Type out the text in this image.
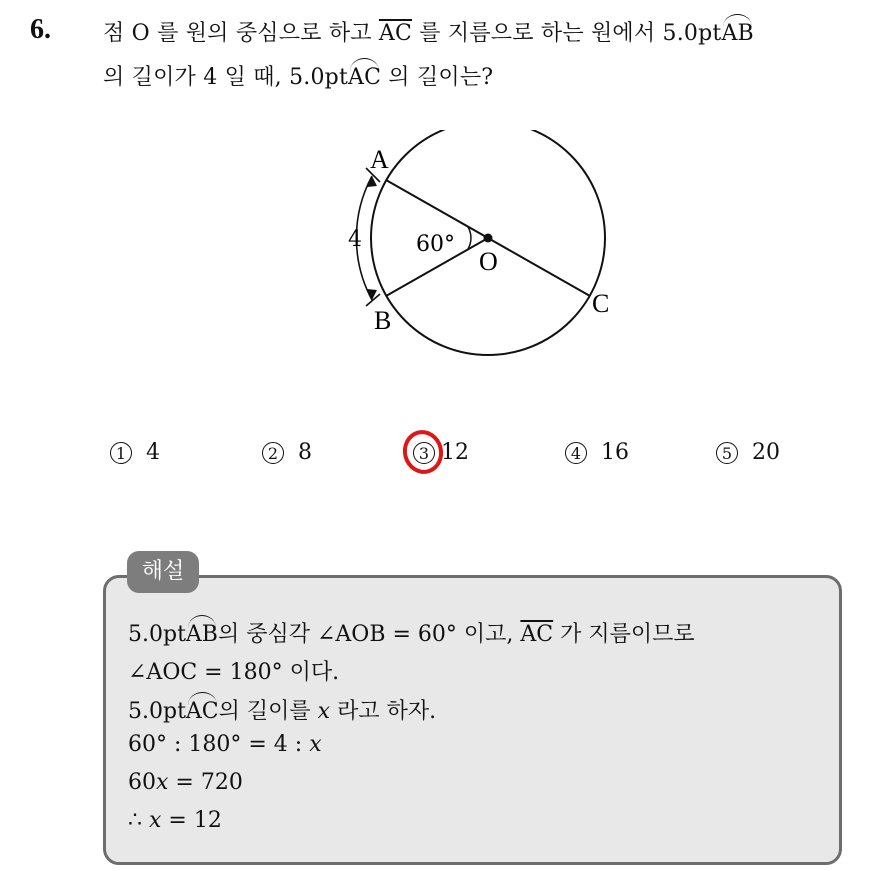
6. 점 O 를 원의 중심으로 하고 $\overline{AC}$ 를 지름으로 하는 원에서 5.0ptAB
의 길이가 4 일 때, 5.0ptAC 의 길이는?
A
B
C
O
60°
4
1 4	2 8	3 12	4 16	5 20
해설
5.0ptAB의 중심각 ∠AOB = 60° 이고, $\overline{AC}$ 가 지름이므로
∠AOC = 180° 이다.
5.0ptAC의 길이를 x 라고 하자.
60° : 180° = 4 : x
60x = 720
∴ x = 12
